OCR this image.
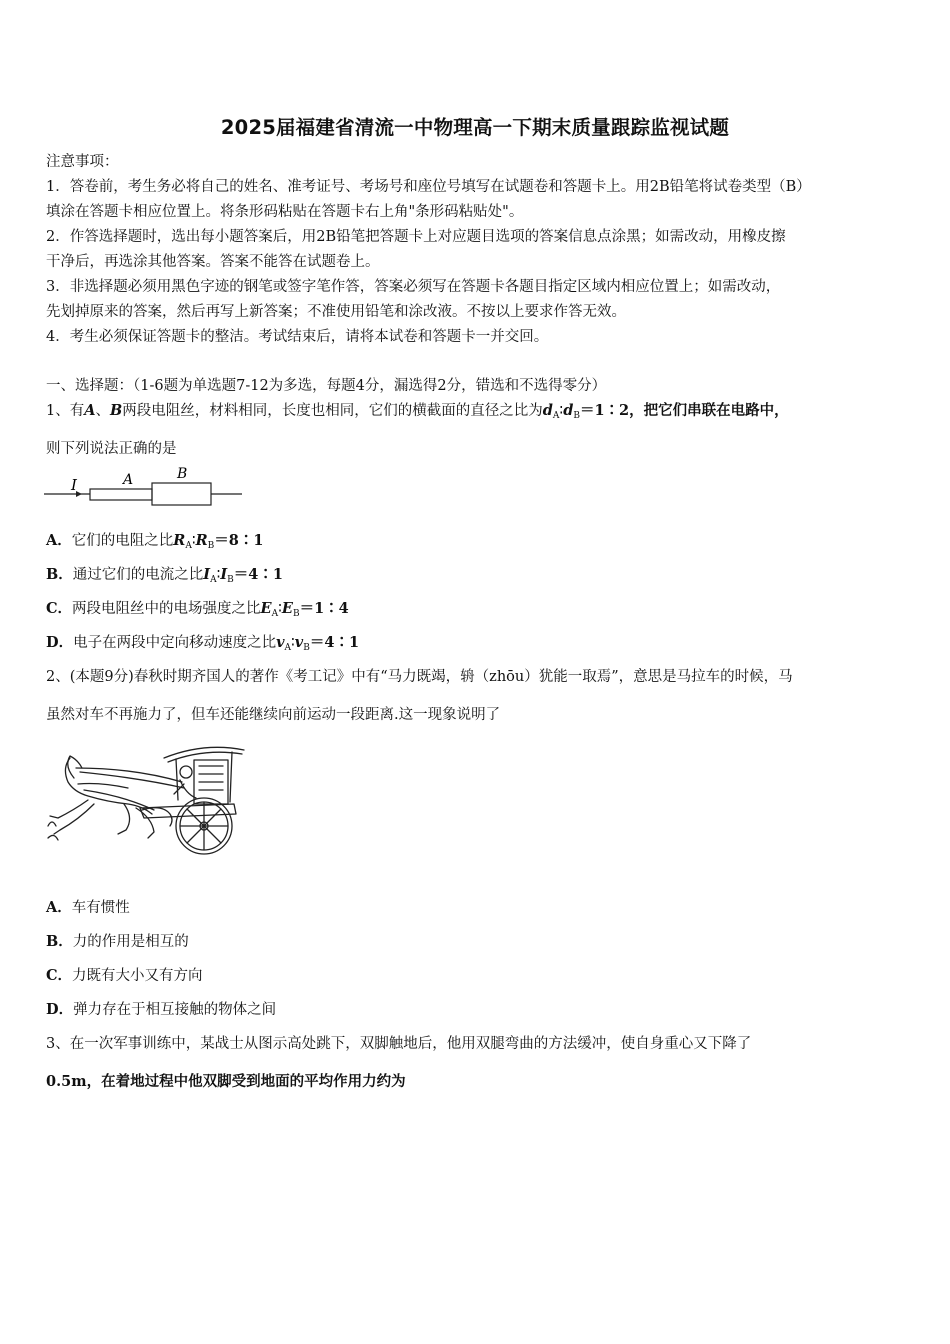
2025届福建省清流一中物理高一下期末质量跟踪监视试题
注意事项：
1．答卷前，考生务必将自己的姓名、准考证号、考场号和座位号填写在试题卷和答题卡上。用2B铅笔将试卷类型（B）
填涂在答题卡相应位置上。将条形码粘贴在答题卡右上角"条形码粘贴处"。
2．作答选择题时，选出每小题答案后，用2B铅笔把答题卡上对应题目选项的答案信息点涂黑；如需改动，用橡皮擦
干净后，再选涂其他答案。答案不能答在试题卷上。
3．非选择题必须用黑色字迹的钢笔或签字笔作答，答案必须写在答题卡各题目指定区域内相应位置上；如需改动，
先划掉原来的答案，然后再写上新答案；不准使用铅笔和涂改液。不按以上要求作答无效。
4．考生必须保证答题卡的整洁。考试结束后，请将本试卷和答题卡一并交回。
一、选择题：（1-6题为单选题7-12为多选，每题4分，漏选得2分，错选和不选得零分）
1、有A、B两段电阻丝，材料相同，长度也相同，它们的横截面的直径之比为$d_A∶d_B=1∶2$，把它们串联在电路中，
则下列说法正确的是
I	A	B
A．它们的电阻之比$R_A∶R_B=8∶1$
B．通过它们的电流之比$I_A∶I_B=4∶1$
C．两段电阻丝中的电场强度之比$E_A∶E_B=1∶4$
D．电子在两段中定向移动速度之比$v_A∶v_B=4∶1$
2、(本题9分)春秋时期齐国人的著作《考工记》中有“马力既竭，辀（zhōu）犹能一取焉”，意思是马拉车的时候，马
虽然对车不再施力了，但车还能继续向前运动一段距离.这一现象说明了
A．车有惯性
B．力的作用是相互的
C．力既有大小又有方向
D．弹力存在于相互接触的物体之间
3、在一次军事训练中，某战士从图示高处跳下，双脚触地后，他用双腿弯曲的方法缓冲，使自身重心又下降了
0.5m，在着地过程中他双脚受到地面的平均作用力约为
